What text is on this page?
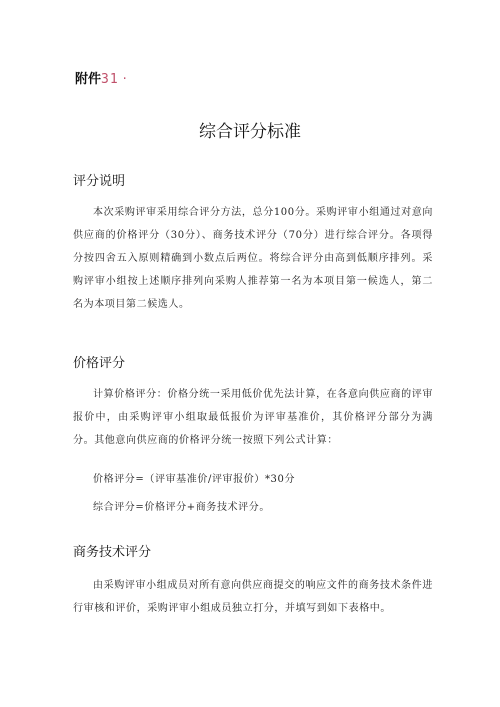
附件31 ·
综合评分标准
评分说明
本次采购评审采用综合评分方法，总分100分。采购评审小组通过对意向供应商的价格评分（30分）、商务技术评分（70分）进行综合评分。各项得分按四舍五入原则精确到小数点后两位。将综合评分由高到低顺序排列。采购评审小组按上述顺序排列向采购人推荐第一名为本项目第一候选人，第二名为本项目第二候选人。
价格评分
计算价格评分：价格分统一采用低价优先法计算，在各意向供应商的评审报价中，由采购评审小组取最低报价为评审基准价，其价格评分部分为满分。其他意向供应商的价格评分统一按照下列公式计算：
价格评分=（评审基准价/评审报价）*30分
综合评分=价格评分+商务技术评分。
商务技术评分
由采购评审小组成员对所有意向供应商提交的响应文件的商务技术条件进行审核和评价，采购评审小组成员独立打分，并填写到如下表格中。
